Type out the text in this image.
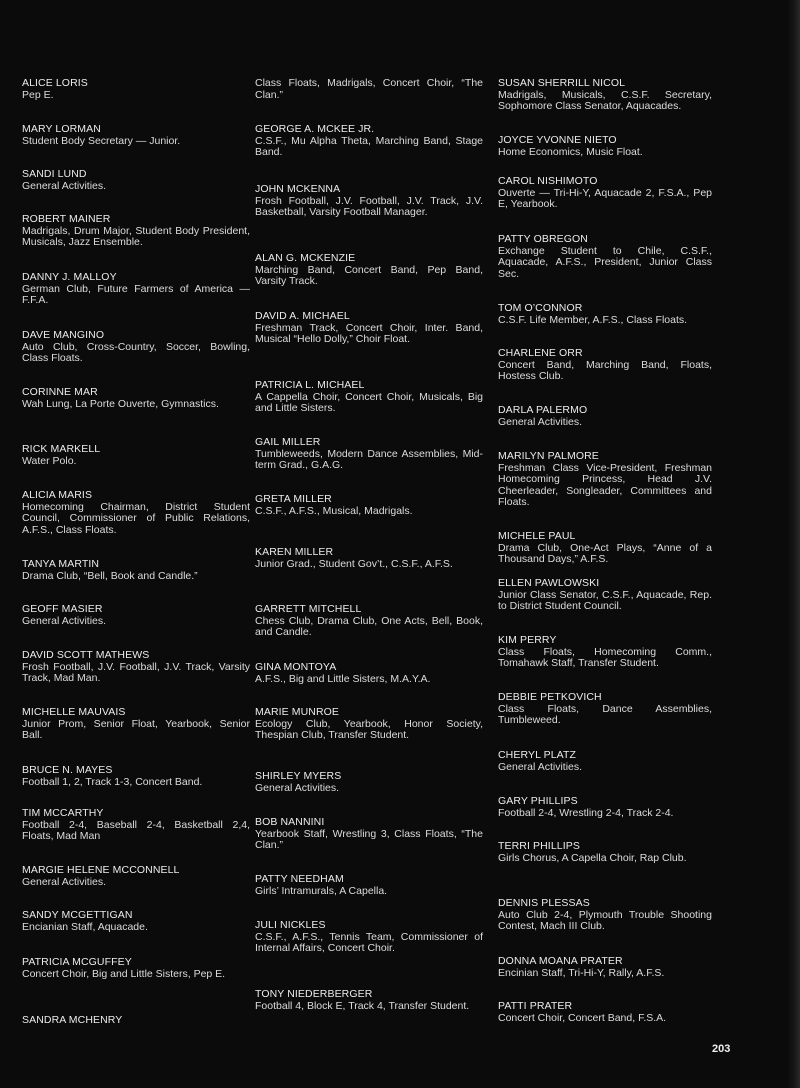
ALICE LORIS
Pep E.
MARY LORMAN
Student Body Secretary — Junior.
SANDI LUND
General Activities.
ROBERT MAINER
Madrigals, Drum Major, Student Body President, Musicals, Jazz Ensemble.
DANNY J. MALLOY
German Club, Future Farmers of America — F.F.A.
DAVE MANGINO
Auto Club, Cross-Country, Soccer, Bowling, Class Floats.
CORINNE MAR
Wah Lung, La Porte Ouverte, Gymnastics.
RICK MARKELL
Water Polo.
ALICIA MARIS
Homecoming Chairman, District Student Council, Commissioner of Public Relations, A.F.S., Class Floats.
TANYA MARTIN
Drama Club, “Bell, Book and Candle.”
GEOFF MASIER
General Activities.
DAVID SCOTT MATHEWS
Frosh Football, J.V. Football, J.V. Track, Varsity Track, Mad Man.
MICHELLE MAUVAIS
Junior Prom, Senior Float, Yearbook, Senior Ball.
BRUCE N. MAYES
Football 1, 2, Track 1-3, Concert Band.
TIM MCCARTHY
Football 2-4, Baseball 2-4, Basketball 2,4, Floats, Mad Man
MARGIE HELENE MCCONNELL
General Activities.
SANDY MCGETTIGAN
Encianian Staff, Aquacade.
PATRICIA MCGUFFEY
Concert Choir, Big and Little Sisters, Pep E.
SANDRA MCHENRY
Class Floats, Madrigals, Concert Choir, “The Clan.”
GEORGE A. MCKEE JR.
C.S.F., Mu Alpha Theta, Marching Band, Stage Band.
JOHN MCKENNA
Frosh Football, J.V. Football, J.V. Track, J.V. Basketball, Varsity Football Manager.
ALAN G. MCKENZIE
Marching Band, Concert Band, Pep Band, Varsity Track.
DAVID A. MICHAEL
Freshman Track, Concert Choir, Inter. Band, Musical “Hello Dolly,” Choir Float.
PATRICIA L. MICHAEL
A Cappella Choir, Concert Choir, Musicals, Big and Little Sisters.
GAIL MILLER
Tumbleweeds, Modern Dance Assemblies, Mid-term Grad., G.A.G.
GRETA MILLER
C.S.F., A.F.S., Musical, Madrigals.
KAREN MILLER
Junior Grad., Student Gov’t., C.S.F., A.F.S.
GARRETT MITCHELL
Chess Club, Drama Club, One Acts, Bell, Book, and Candle.
GINA MONTOYA
A.F.S., Big and Little Sisters, M.A.Y.A.
MARIE MUNROE
Ecology Club, Yearbook, Honor Society, Thespian Club, Transfer Student.
SHIRLEY MYERS
General Activities.
BOB NANNINI
Yearbook Staff, Wrestling 3, Class Floats, “The Clan.”
PATTY NEEDHAM
Girls’ Intramurals, A Capella.
JULI NICKLES
C.S.F., A.F.S., Tennis Team, Commissioner of Internal Affairs, Concert Choir.
TONY NIEDERBERGER
Football 4, Block E, Track 4, Transfer Student.
SUSAN SHERRILL NICOL
Madrigals, Musicals, C.S.F. Secretary, Sophomore Class Senator, Aquacades.
JOYCE YVONNE NIETO
Home Economics, Music Float.
CAROL NISHIMOTO
Ouverte — Tri-Hi-Y, Aquacade 2, F.S.A., Pep E, Yearbook.
PATTY OBREGON
Exchange Student to Chile, C.S.F., Aquacade, A.F.S., President, Junior Class Sec.
TOM O’CONNOR
C.S.F. Life Member, A.F.S., Class Floats.
CHARLENE ORR
Concert Band, Marching Band, Floats, Hostess Club.
DARLA PALERMO
General Activities.
MARILYN PALMORE
Freshman Class Vice-President, Freshman Homecoming Princess, Head J.V. Cheerleader, Songleader, Committees and Floats.
MICHELE PAUL
Drama Club, One-Act Plays, “Anne of a Thousand Days,” A.F.S.
ELLEN PAWLOWSKI
Junior Class Senator, C.S.F., Aquacade, Rep. to District Student Council.
KIM PERRY
Class Floats, Homecoming Comm., Tomahawk Staff, Transfer Student.
DEBBIE PETKOVICH
Class Floats, Dance Assemblies, Tumbleweed.
CHERYL PLATZ
General Activities.
GARY PHILLIPS
Football 2-4, Wrestling 2-4, Track 2-4.
TERRI PHILLIPS
Girls Chorus, A Capella Choir, Rap Club.
DENNIS PLESSAS
Auto Club 2-4, Plymouth Trouble Shooting Contest, Mach III Club.
DONNA MOANA PRATER
Encinian Staff, Tri-Hi-Y, Rally, A.F.S.
PATTI PRATER
Concert Choir, Concert Band, F.S.A.
203
